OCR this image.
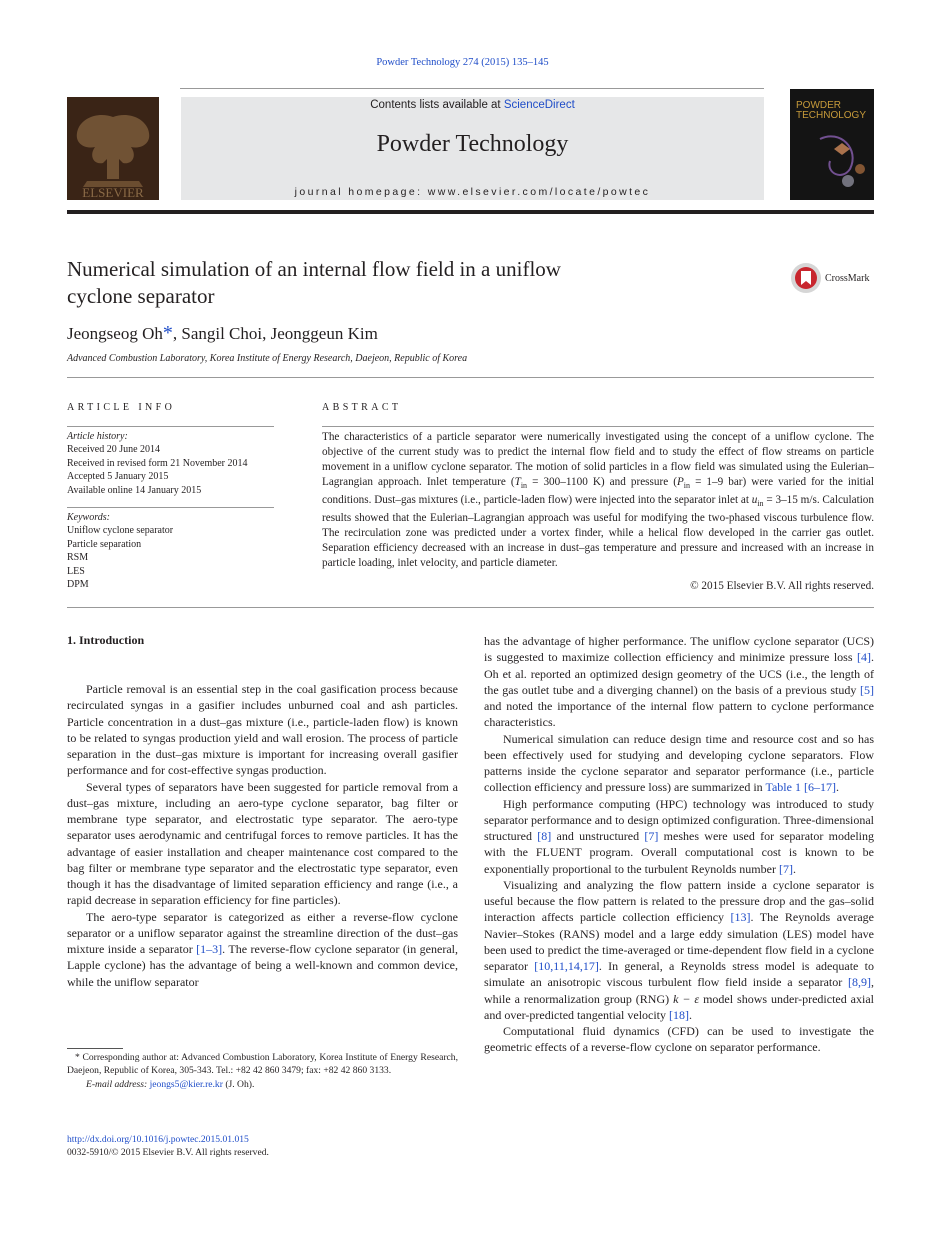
Powder Technology 274 (2015) 135–145
ELSEVIER
Contents lists available at ScienceDirect
Powder Technology
journal homepage: www.elsevier.com/locate/powtec
POWDER
TECHNOLOGY
Numerical simulation of an internal flow field in a uniflow
cyclone separator
CrossMark
Jeongseog Oh*, Sangil Choi, Jeonggeun Kim
Advanced Combustion Laboratory, Korea Institute of Energy Research, Daejeon, Republic of Korea
ARTICLE INFO
Article history:
Received 20 June 2014
Received in revised form 21 November 2014
Accepted 5 January 2015
Available online 14 January 2015
Keywords:
Uniflow cyclone separator
Particle separation
RSM
LES
DPM
ABSTRACT
The characteristics of a particle separator were numerically investigated using the concept of a uniflow cyclone. The objective of the current study was to predict the internal flow field and to study the effect of flow streams on particle movement in a uniflow cyclone separator. The motion of solid particles in a flow field was simulated using the Eulerian–Lagrangian approach. Inlet temperature ($T_{in} = 300-1100$ K) and pressure ($P_{in} = 1-9$ bar) were varied for the initial conditions. Dust–gas mixtures (i.e., particle-laden flow) were injected into the separator inlet at $u_{in} = 3-15$ m/s. Calculation results showed that the Eulerian–Lagrangian approach was useful for modifying the two-phased viscous turbulence flow. The recirculation zone was predicted under a vortex finder, while a helical flow developed in the carrier gas outlet. Separation efficiency decreased with an increase in dust–gas temperature and pressure and increased with an increase in particle loading, inlet velocity, and particle diameter.
© 2015 Elsevier B.V. All rights reserved.
1. Introduction

Particle removal is an essential step in the coal gasification process because recirculated syngas in a gasifier includes unburned coal and ash particles. Particle concentration in a dust–gas mixture (i.e., particle-laden flow) is known to be related to syngas production yield and wall erosion. The process of particle separation in the dust–gas mixture is important for increasing overall gasifier performance and for cost-effective syngas production.

Several types of separators have been suggested for particle removal from a dust–gas mixture, including an aero-type cyclone separator, bag filter or membrane type separator, and electrostatic type separator. The aero-type separator uses aerodynamic and centrifugal forces to remove particles. It has the advantage of easier installation and cheaper maintenance cost compared to the bag filter or membrane type separator and the electrostatic type separator, even though it has the disadvantage of limited separation efficiency and range (i.e., a rapid decrease in separation efficiency for fine particles).

The aero-type separator is categorized as either a reverse-flow cyclone separator or a uniflow separator against the streamline direction of the dust–gas mixture inside a separator [1–3]. The reverse-flow cyclone separator (in general, Lapple cyclone) has the advantage of being a well-known and common device, while the uniflow separator

has the advantage of higher performance. The uniflow cyclone separator (UCS) is suggested to maximize collection efficiency and minimize pressure loss [4]. Oh et al. reported an optimized design geometry of the UCS (i.e., the length of the gas outlet tube and a diverging channel) on the basis of a previous study [5] and noted the importance of the internal flow pattern to cyclone performance characteristics.

Numerical simulation can reduce design time and resource cost and so has been effectively used for studying and developing cyclone separators. Flow patterns inside the cyclone separator and separator performance (i.e., particle collection efficiency and pressure loss) are summarized in Table 1 [6–17].

High performance computing (HPC) technology was introduced to study separator performance and to design optimized configuration. Three-dimensional structured [8] and unstructured [7] meshes were used for separator modeling with the FLUENT program. Overall computational cost is known to be exponentially proportional to the turbulent Reynolds number [7].

Visualizing and analyzing the flow pattern inside a cyclone separator is useful because the flow pattern is related to the pressure drop and the gas–solid interaction affects particle collection efficiency [13]. The Reynolds average Navier–Stokes (RANS) model and a large eddy simulation (LES) model have been used to predict the time-averaged or time-dependent flow field in a cyclone separator [10,11,14,17]. In general, a Reynolds stress model is adequate to simulate an anisotropic viscous turbulent flow field inside a separator [8,9], while a renormalization group (RNG) k − ε model shows under-predicted axial and over-predicted tangential velocity [18].

Computational fluid dynamics (CFD) can be used to investigate the geometric effects of a reverse-flow cyclone on separator performance.

* Corresponding author at: Advanced Combustion Laboratory, Korea Institute of Energy Research, Daejeon, Republic of Korea, 305-343. Tel.: +82 42 860 3479; fax: +82 42 860 3133.
E-mail address: jeongs5@kier.re.kr (J. Oh).
http://dx.doi.org/10.1016/j.powtec.2015.01.015
0032-5910/© 2015 Elsevier B.V. All rights reserved.
